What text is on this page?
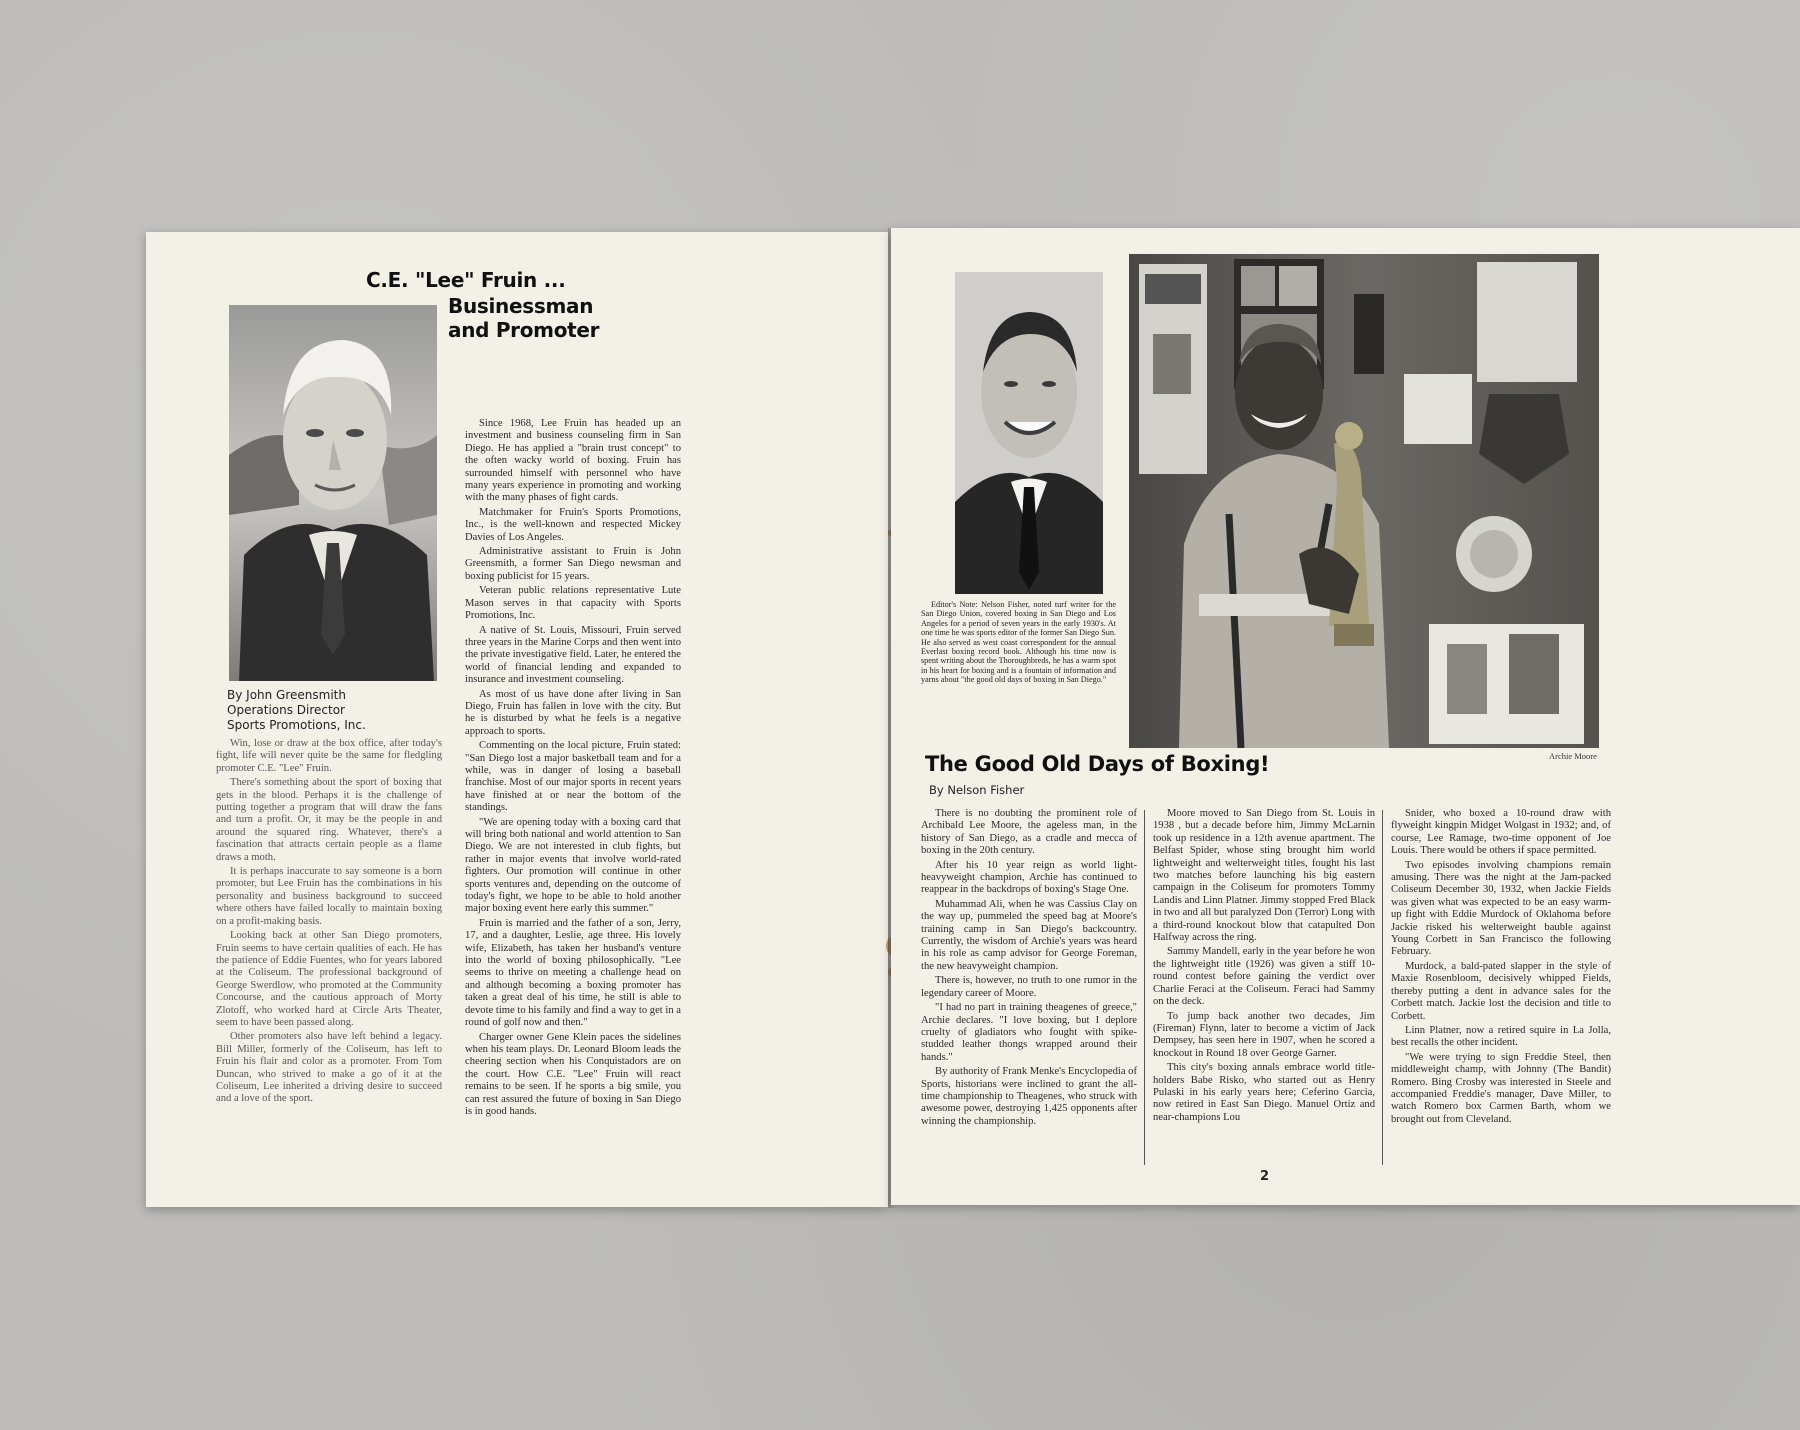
C.E. "Lee" Fruin ...
Businessman
and Promoter
By John Greensmith
Operations Director
Sports Promotions, Inc.

Win, lose or draw at the box office, after today's fight, life will never quite be the same for fledgling promoter C.E. "Lee" Fruin.

There's something about the sport of boxing that gets in the blood. Perhaps it is the challenge of putting together a program that will draw the fans and turn a profit. Or, it may be the people in and around the squared ring. Whatever, there's a fascination that attracts certain people as a flame draws a moth.

It is perhaps inaccurate to say someone is a born promoter, but Lee Fruin has the combinations in his personality and business background to succeed where others have failed locally to maintain boxing on a profit-making basis.

Looking back at other San Diego promoters, Fruin seems to have certain qualities of each. He has the patience of Eddie Fuentes, who for years labored at the Coliseum. The professional background of George Swerdlow, who promoted at the Community Concourse, and the cautious approach of Morty Zlotoff, who worked hard at Circle Arts Theater, seem to have been passed along.

Other promoters also have left behind a legacy. Bill Miller, formerly of the Coliseum, has left to Fruin his flair and color as a promoter. From Tom Duncan, who strived to make a go of it at the Coliseum, Lee inherited a driving desire to succeed and a love of the sport.

Since 1968, Lee Fruin has headed up an investment and business counseling firm in San Diego. He has applied a "brain trust concept" to the often wacky world of boxing. Fruin has surrounded himself with personnel who have many years experience in promoting and working with the many phases of fight cards.

Matchmaker for Fruin's Sports Promotions, Inc., is the well-known and respected Mickey Davies of Los Angeles.

Administrative assistant to Fruin is John Greensmith, a former San Diego newsman and boxing publicist for 15 years.

Veteran public relations representative Lute Mason serves in that capacity with Sports Promotions, Inc.

A native of St. Louis, Missouri, Fruin served three years in the Marine Corps and then went into the private investigative field. Later, he entered the world of financial lending and expanded to insurance and investment counseling.

As most of us have done after living in San Diego, Fruin has fallen in love with the city. But he is disturbed by what he feels is a negative approach to sports.

Commenting on the local picture, Fruin stated: "San Diego lost a major basketball team and for a while, was in danger of losing a baseball franchise. Most of our major sports in recent years have finished at or near the bottom of the standings.

"We are opening today with a boxing card that will bring both national and world attention to San Diego. We are not interested in club fights, but rather in major events that involve world-rated fighters. Our promotion will continue in other sports ventures and, depending on the outcome of today's fight, we hope to be able to hold another major boxing event here early this summer."

Fruin is married and the father of a son, Jerry, 17, and a daughter, Leslie, age three. His lovely wife, Elizabeth, has taken her husband's venture into the world of boxing philosophically. "Lee seems to thrive on meeting a challenge head on and although becoming a boxing promoter has taken a great deal of his time, he still is able to devote time to his family and find a way to get in a round of golf now and then."

Charger owner Gene Klein paces the sidelines when his team plays. Dr. Leonard Bloom leads the cheering section when his Conquistadors are on the court. How C.E. "Lee" Fruin will react remains to be seen. If he sports a big smile, you can rest assured the future of boxing in San Diego is in good hands.

Editor's Note: Nelson Fisher, noted turf writer for the San Diego Union, covered boxing in San Diego and Los Angeles for a period of seven years in the early 1930's. At one time he was sports editor of the former San Diego Sun. He also served as west coast correspondent for the annual Everlast boxing record book. Although his time now is spent writing about the Thoroughbreds, he has a warm spot in his heart for boxing and is a fountain of information and yarns about "the good old days of boxing in San Diego."

Archie Moore
The Good Old Days of Boxing!
By Nelson Fisher

There is no doubting the prominent role of Archibald Lee Moore, the ageless man, in the history of San Diego, as a cradle and mecca of boxing in the 20th century.

After his 10 year reign as world light-heavyweight champion, Archie has continued to reappear in the backdrops of boxing's Stage One.

Muhammad Ali, when he was Cassius Clay on the way up, pummeled the speed bag at Moore's training camp in San Diego's backcountry. Currently, the wisdom of Archie's years was heard in his role as camp advisor for George Foreman, the new heavyweight champion.

There is, however, no truth to one rumor in the legendary career of Moore.

"I had no part in training theagenes of greece," Archie declares. "I love boxing, but I deplore cruelty of gladiators who fought with spike-studded leather thongs wrapped around their hands."

By authority of Frank Menke's Encyclopedia of Sports, historians were inclined to grant the all-time championship to Theagenes, who struck with awesome power, destroying 1,425 opponents after winning the championship.

Moore moved to San Diego from St. Louis in 1938 , but a decade before him, Jimmy McLarnin took up residence in a 12th avenue apartment. The Belfast Spider, whose sting brought him world lightweight and welterweight titles, fought his last two matches before launching his big eastern campaign in the Coliseum for promoters Tommy Landis and Linn Platner. Jimmy stopped Fred Black in two and all but paralyzed Don (Terror) Long with a third-round knockout blow that catapulted Don Halfway across the ring.

Sammy Mandell, early in the year before he won the lightweight title (1926) was given a stiff 10-round contest before gaining the verdict over Charlie Feraci at the Coliseum. Feraci had Sammy on the deck.

To jump back another two decades, Jim (Fireman) Flynn, later to become a victim of Jack Dempsey, has seen here in 1907, when he scored a knockout in Round 18 over George Garner.

This city's boxing annals embrace world title-holders Babe Risko, who started out as Henry Pulaski in his early years here; Ceferino Garcia, now retired in East San Diego. Manuel Ortiz and near-champions Lou

Snider, who boxed a 10-round draw with flyweight kingpin Midget Wolgast in 1932; and, of course, Lee Ramage, two-time opponent of Joe Louis. There would be others if space permitted.

Two episodes involving champions remain amusing. There was the night at the Jam-packed Coliseum December 30, 1932, when Jackie Fields was given what was expected to be an easy warm-up fight with Eddie Murdock of Oklahoma before Jackie risked his welterweight bauble against Young Corbett in San Francisco the following February.

Murdock, a bald-pated slapper in the style of Maxie Rosenbloom, decisively whipped Fields, thereby putting a dent in advance sales for the Corbett match. Jackie lost the decision and title to Corbett.

Linn Platner, now a retired squire in La Jolla, best recalls the other incident.

"We were trying to sign Freddie Steel, then middleweight champ, with Johnny (The Bandit) Romero. Bing Crosby was interested in Steele and accompanied Freddie's manager, Dave Miller, to watch Romero box Carmen Barth, whom we brought out from Cleveland.

2
